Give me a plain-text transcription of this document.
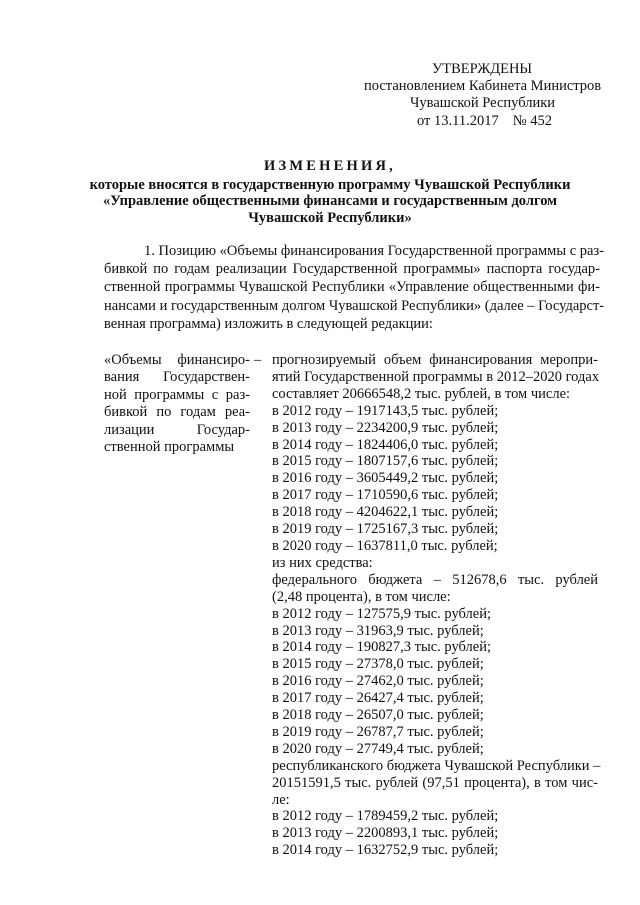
УТВЕРЖДЕНЫ
постановлением Кабинета Министров
Чувашской Республики
от 13.11.2017 № 452
ИЗМЕНЕНИЯ,
которые вносятся в государственную программу Чувашской Республики
«Управление общественными финансами и государственным долгом
Чувашской Республики»
1. Позицию «Объемы финансирования Государственной программы с раз-
бивкой по годам реализации Государственной программы» паспорта государ-
ственной программы Чувашской Республики «Управление общественными фи-
нансами и государственным долгом Чувашской Республики» (далее – Государст-
венная программа) изложить в следующей редакции:
«Объемы финансиро-
вания   Государствен-
ной программы с раз-
бивкой по годам реа-
лизации Государ-
ственной программы
– прогнозируемый объем финансирования меропри-
ятий Государственной программы в 2012–2020 годах
составляет 20666548,2 тыс. рублей, в том числе:
в 2012 году – 1917143,5 тыс. рублей;
в 2013 году – 2234200,9 тыс. рублей;
в 2014 году – 1824406,0 тыс. рублей;
в 2015 году – 1807157,6 тыс. рублей;
в 2016 году – 3605449,2 тыс. рублей;
в 2017 году – 1710590,6 тыс. рублей;
в 2018 году – 4204622,1 тыс. рублей;
в 2019 году – 1725167,3 тыс. рублей;
в 2020 году – 1637811,0 тыс. рублей;
из них средства:
федерального бюджета – 512678,6 тыс. рублей
(2,48 процента), в том числе:
в 2012 году – 127575,9 тыс. рублей;
в 2013 году – 31963,9 тыс. рублей;
в 2014 году – 190827,3 тыс. рублей;
в 2015 году – 27378,0 тыс. рублей;
в 2016 году – 27462,0 тыс. рублей;
в 2017 году – 26427,4 тыс. рублей;
в 2018 году – 26507,0 тыс. рублей;
в 2019 году – 26787,7 тыс. рублей;
в 2020 году – 27749,4 тыс. рублей;
республиканского бюджета Чувашской Республики –
20151591,5 тыс. рублей (97,51 процента), в том чис-
ле:
в 2012 году – 1789459,2 тыс. рублей;
в 2013 году – 2200893,1 тыс. рублей;
в 2014 году – 1632752,9 тыс. рублей;
